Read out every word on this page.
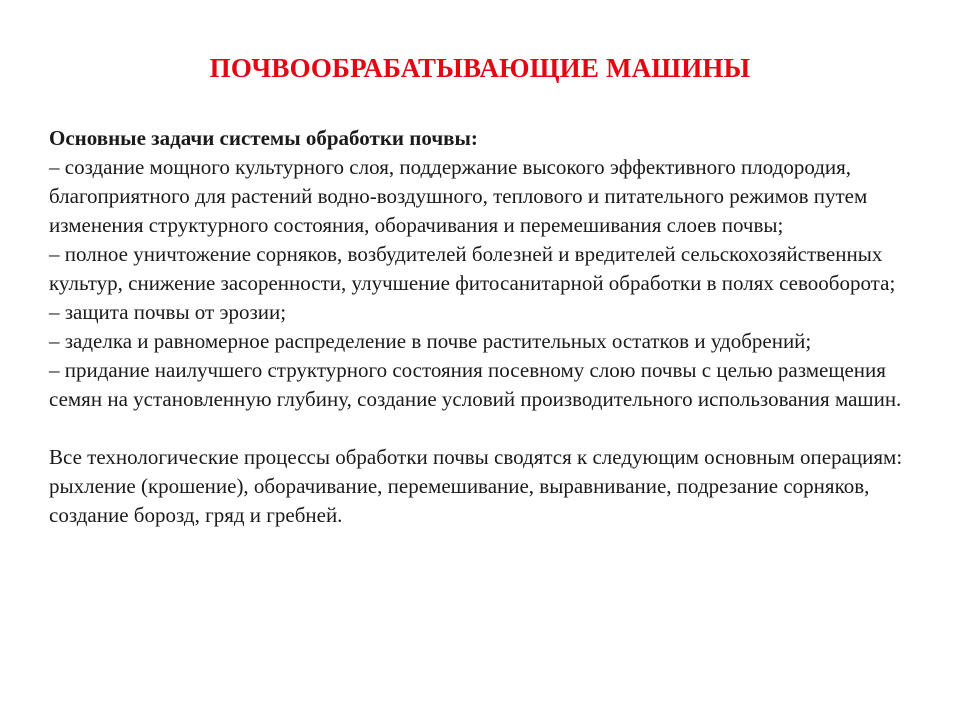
ПОЧВООБРАБАТЫВАЮЩИЕ МАШИНЫ

Основные задачи системы обработки почвы:

– создание мощного культурного слоя, поддержание высокого эффективного плодородия, благоприятного для растений водно-воздушного, теплового и питательного режимов путем изменения структурного состояния, оборачивания и перемешивания слоев почвы;

– полное уничтожение сорняков, возбудителей болезней и вредителей сельскохозяйственных культур, снижение засоренности, улучшение фитосанитарной обработки в полях севооборота;

– защита почвы от эрозии;

– заделка и равномерное распределение в почве растительных остатков и удобрений;

– придание наилучшего структурного состояния посевному слою почвы с целью размещения семян на установленную глубину, создание условий производительного использования машин.

Все технологические процессы обработки почвы сводятся к следующим основным операциям: рыхление (крошение), оборачивание, перемешивание, выравнивание, подрезание сорняков, создание борозд, гряд и гребней.
